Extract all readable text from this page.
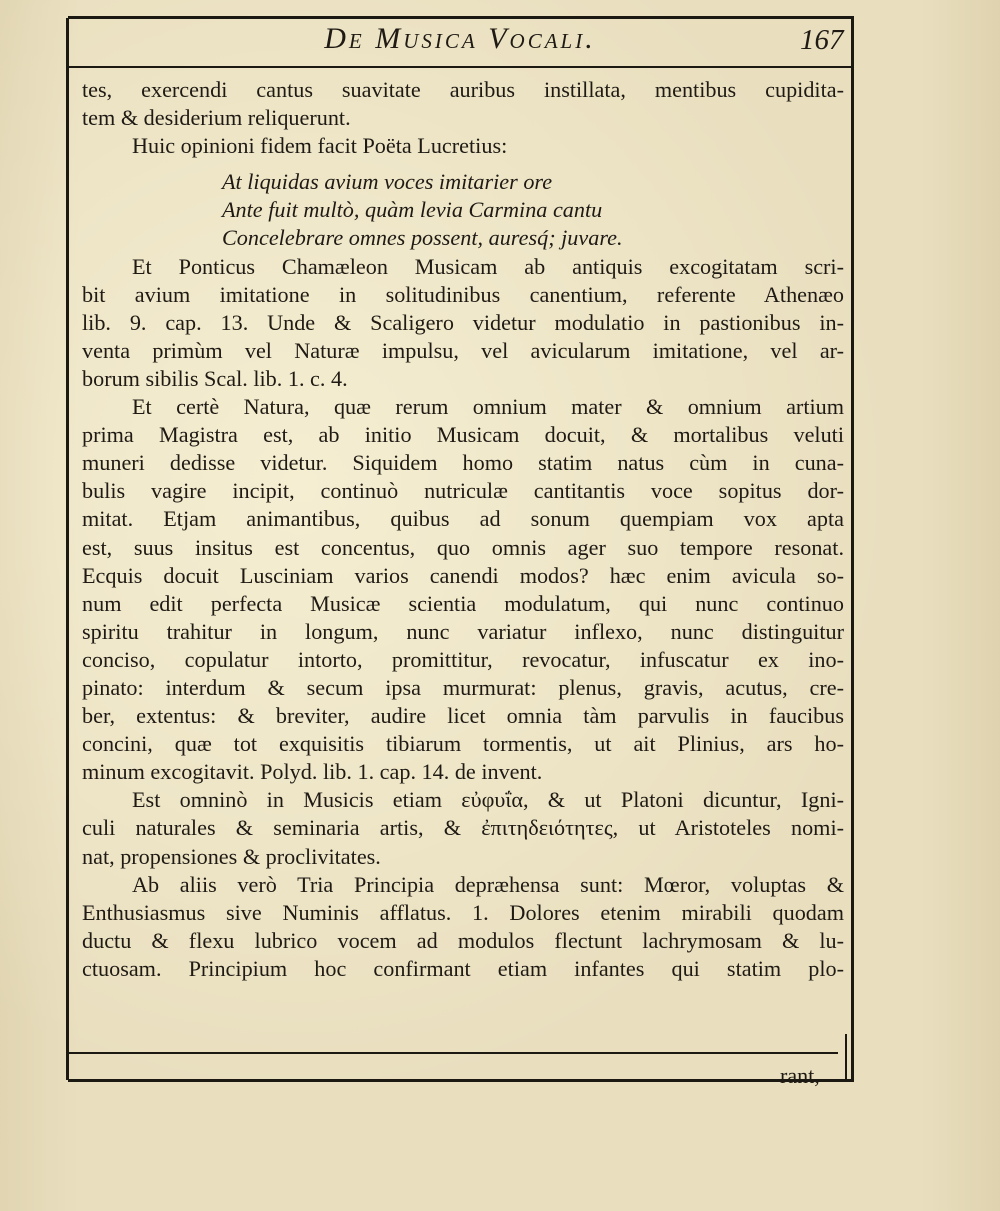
De Musica Vocali.	167
tes, exercendi cantus suavitate auribus instillata, mentibus cupidita-
tem & desiderium reliquerunt.
Huic opinioni fidem facit Poëta Lucretius:
At liquidas avium voces imitarier ore
Ante fuit multò, quàm levia Carmina cantu
Concelebrare omnes possent, auresq́; juvare.
Et Ponticus Chamæleon Musicam ab antiquis excogitatam scri-
bit avium imitatione in solitudinibus canentium, referente Athenæo
lib. 9. cap. 13. Unde & Scaligero videtur modulatio in pastionibus in-
venta primùm vel Naturæ impulsu, vel avicularum imitatione, vel ar-
borum sibilis Scal. lib. 1. c. 4.
Et certè Natura, quæ rerum omnium mater & omnium artium
prima Magistra est, ab initio Musicam docuit, & mortalibus veluti
muneri dedisse videtur. Siquidem homo statim natus cùm in cuna-
bulis vagire incipit, continuò nutriculæ cantitantis voce sopitus dor-
mitat. Etjam animantibus, quibus ad sonum quempiam vox apta
est, suus insitus est concentus, quo omnis ager suo tempore resonat.
Ecquis docuit Lusciniam varios canendi modos? hæc enim avicula so-
num edit perfecta Musicæ scientia modulatum, qui nunc continuo
spiritu trahitur in longum, nunc variatur inflexo, nunc distinguitur
conciso, copulatur intorto, promittitur, revocatur, infuscatur ex ino-
pinato: interdum & secum ipsa murmurat: plenus, gravis, acutus, cre-
ber, extentus: & breviter, audire licet omnia tàm parvulis in faucibus
concini, quæ tot exquisitis tibiarum tormentis, ut ait Plinius, ars ho-
minum excogitavit. Polyd. lib. 1. cap. 14. de invent.
Est omninò in Musicis etiam εὐφυΐα, & ut Platoni dicuntur, Igni-
culi naturales & seminaria artis, & ἐπιτηδειότητες, ut Aristoteles nomi-
nat, propensiones & proclivitates.
Ab aliis verò Tria Principia depræhensa sunt: Mœror, voluptas &
Enthusiasmus sive Numinis afflatus. 1. Dolores etenim mirabili quodam
ductu & flexu lubrico vocem ad modulos flectunt lachrymosam & lu-
ctuosam. Principium hoc confirmant etiam infantes qui statim plo-
rant,
